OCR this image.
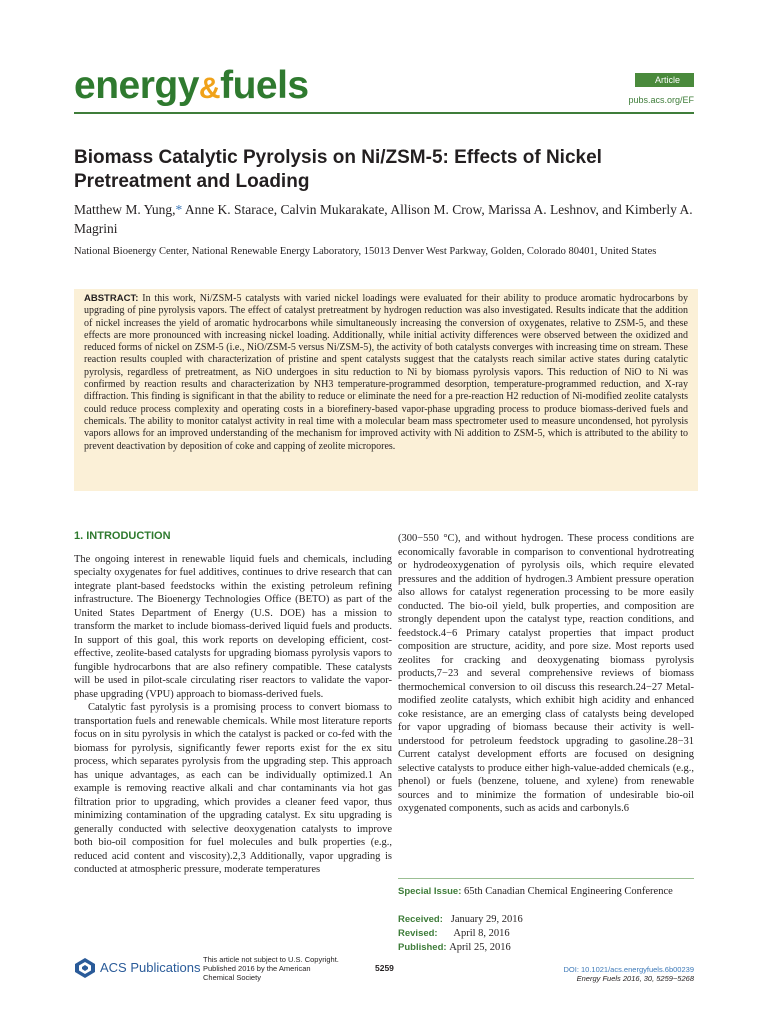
energy&fuels	Article
pubs.acs.org/EF
Biomass Catalytic Pyrolysis on Ni/ZSM-5: Effects of Nickel Pretreatment and Loading
Matthew M. Yung,* Anne K. Starace, Calvin Mukarakate, Allison M. Crow, Marissa A. Leshnov, and Kimberly A. Magrini
National Bioenergy Center, National Renewable Energy Laboratory, 15013 Denver West Parkway, Golden, Colorado 80401, United States
ABSTRACT: In this work, Ni/ZSM-5 catalysts with varied nickel loadings were evaluated for their ability to produce aromatic hydrocarbons by upgrading of pine pyrolysis vapors. The effect of catalyst pretreatment by hydrogen reduction was also investigated. Results indicate that the addition of nickel increases the yield of aromatic hydrocarbons while simultaneously increasing the conversion of oxygenates, relative to ZSM-5, and these effects are more pronounced with increasing nickel loading. Additionally, while initial activity differences were observed between the oxidized and reduced forms of nickel on ZSM-5 (i.e., NiO/ZSM-5 versus Ni/ZSM-5), the activity of both catalysts converges with increasing time on stream. These reaction results coupled with characterization of pristine and spent catalysts suggest that the catalysts reach similar active states during catalytic pyrolysis, regardless of pretreatment, as NiO undergoes in situ reduction to Ni by biomass pyrolysis vapors. This reduction of NiO to Ni was confirmed by reaction results and characterization by NH3 temperature-programmed desorption, temperature-programmed reduction, and X-ray diffraction. This finding is significant in that the ability to reduce or eliminate the need for a pre-reaction H2 reduction of Ni-modified zeolite catalysts could reduce process complexity and operating costs in a biorefinery-based vapor-phase upgrading process to produce biomass-derived fuels and chemicals. The ability to monitor catalyst activity in real time with a molecular beam mass spectrometer used to measure uncondensed, hot pyrolysis vapors allows for an improved understanding of the mechanism for improved activity with Ni addition to ZSM-5, which is attributed to the ability to prevent deactivation by deposition of coke and capping of zeolite micropores.
1. INTRODUCTION

The ongoing interest in renewable liquid fuels and chemicals, including specialty oxygenates for fuel additives, continues to drive research that can integrate plant-based feedstocks within the existing petroleum refining infrastructure. The Bioenergy Technologies Office (BETO) as part of the United States Department of Energy (U.S. DOE) has a mission to transform the market to include biomass-derived liquid fuels and products. In support of this goal, this work reports on developing efficient, cost-effective, zeolite-based catalysts for upgrading biomass pyrolysis vapors to fungible hydrocarbons that are also refinery compatible. These catalysts will be used in pilot-scale circulating riser reactors to validate the vapor-phase upgrading (VPU) approach to biomass-derived fuels.

Catalytic fast pyrolysis is a promising process to convert biomass to transportation fuels and renewable chemicals. While most literature reports focus on in situ pyrolysis in which the catalyst is packed or co-fed with the biomass for pyrolysis, significantly fewer reports exist for the ex situ process, which separates pyrolysis from the upgrading step. This approach has unique advantages, as each can be individually optimized.1 An example is removing reactive alkali and char contaminants via hot gas filtration prior to upgrading, which provides a cleaner feed vapor, thus minimizing contamination of the upgrading catalyst. Ex situ upgrading is generally conducted with selective deoxygenation catalysts to improve both bio-oil composition for fuel molecules and bulk properties (e.g., reduced acid content and viscosity).2,3 Additionally, vapor upgrading is conducted at atmospheric pressure, moderate temperatures

(300−550 °C), and without hydrogen. These process conditions are economically favorable in comparison to conventional hydrotreating or hydrodeoxygenation of pyrolysis oils, which require elevated pressures and the addition of hydrogen.3 Ambient pressure operation also allows for catalyst regeneration processing to be more easily conducted. The bio-oil yield, bulk properties, and composition are strongly dependent upon the catalyst type, reaction conditions, and feedstock.4−6 Primary catalyst properties that impact product composition are structure, acidity, and pore size. Most reports used zeolites for cracking and deoxygenating biomass pyrolysis products,7−23 and several comprehensive reviews of biomass thermochemical conversion to oil discuss this research.24−27 Metal-modified zeolite catalysts, which exhibit high acidity and enhanced coke resistance, are an emerging class of catalysts being developed for vapor upgrading of biomass because their activity is well-understood for petroleum feedstock upgrading to gasoline.28−31 Current catalyst development efforts are focused on designing selective catalysts to produce either high-value-added chemicals (e.g., phenol) or fuels (benzene, toluene, and xylene) from renewable sources and to minimize the formation of undesirable bio-oil oxygenated components, such as acids and carbonyls.6

Special Issue: 65th Canadian Chemical Engineering Conference
Received: January 29, 2016
Revised: April 8, 2016
Published: April 25, 2016
ACS Publications
This article not subject to U.S. Copyright. Published 2016 by the American Chemical Society
5259	DOI: 10.1021/acs.energyfuels.6b00239
Energy Fuels 2016, 30, 5259−5268
